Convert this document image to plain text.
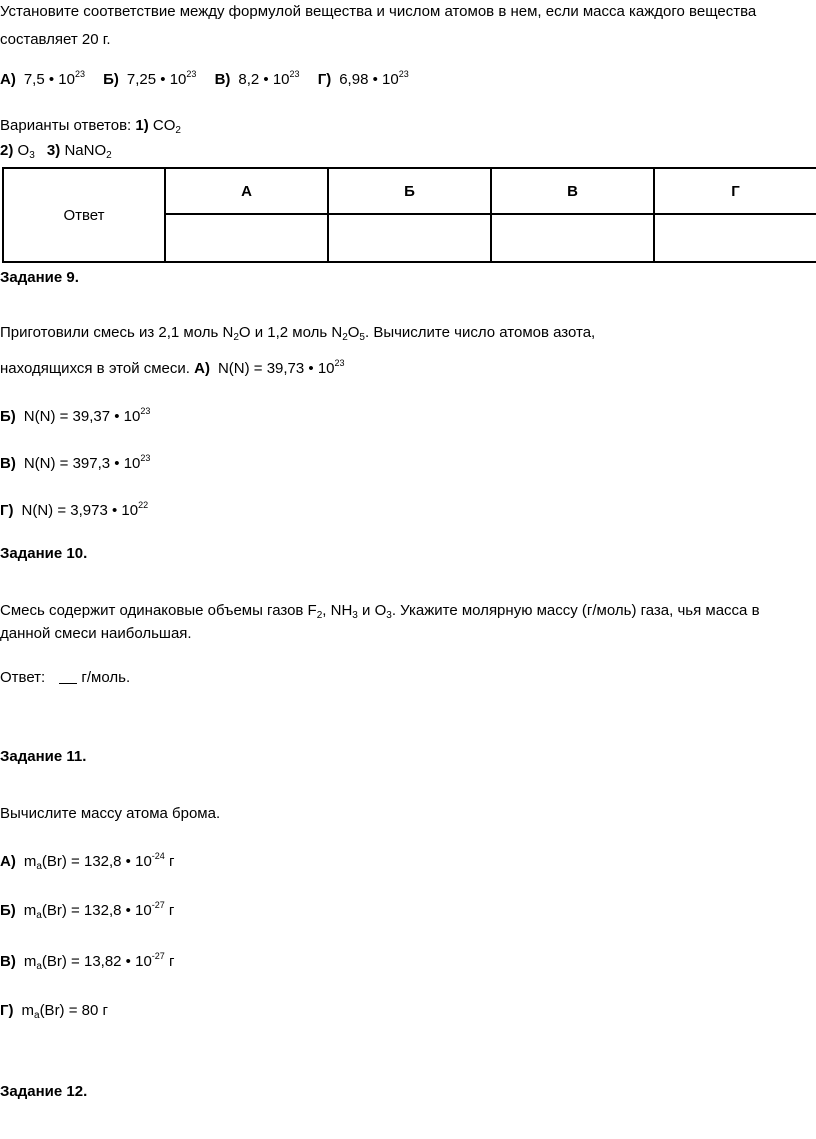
Установите соответствие между формулой вещества и числом атомов в нем, если масса каждого вещества
составляет 20 г.
А) 7,5 • $10^{23}$ Б) 7,25 • $10^{23}$ В) 8,2 • $10^{23}$ Г) 6,98 • $10^{23}$
Варианты ответов: 1) $CO_2$
2) $O_3$ 3) NaNO$_2$
Ответ	А	Б	В	Г

Задание 9.
Приготовили смесь из 2,1 моль $N_2O$ и 1,2 моль $N_2O_5$. Вычислите число атомов азота,
находящихся в этой смеси. А) N(N) = 39,73 • $10^{23}$
Б) N(N) = 39,37 • $10^{23}$
В) N(N) = 397,3 • $10^{23}$
Г) N(N) = 3,973 • $10^{22}$
Задание 10.
Смесь содержит одинаковые объемы газов $F_2$, $NH_3$ и $O_3$. Укажите молярную массу (г/моль) газа, чья масса в
данной смеси наибольшая.
Ответ: г/моль.
Задание 11.
Вычислите массу атома брома.
А) $m_a(Br) = 132,8$ • $10^{-24}$ г
Б) $m_a(Br) = 132,8$ • $10^{-27}$ г
В) $m_a(Br) = 13,82$ • $10^{-27}$ г
Г) $m_a(Br) = 80$ г
Задание 12.
